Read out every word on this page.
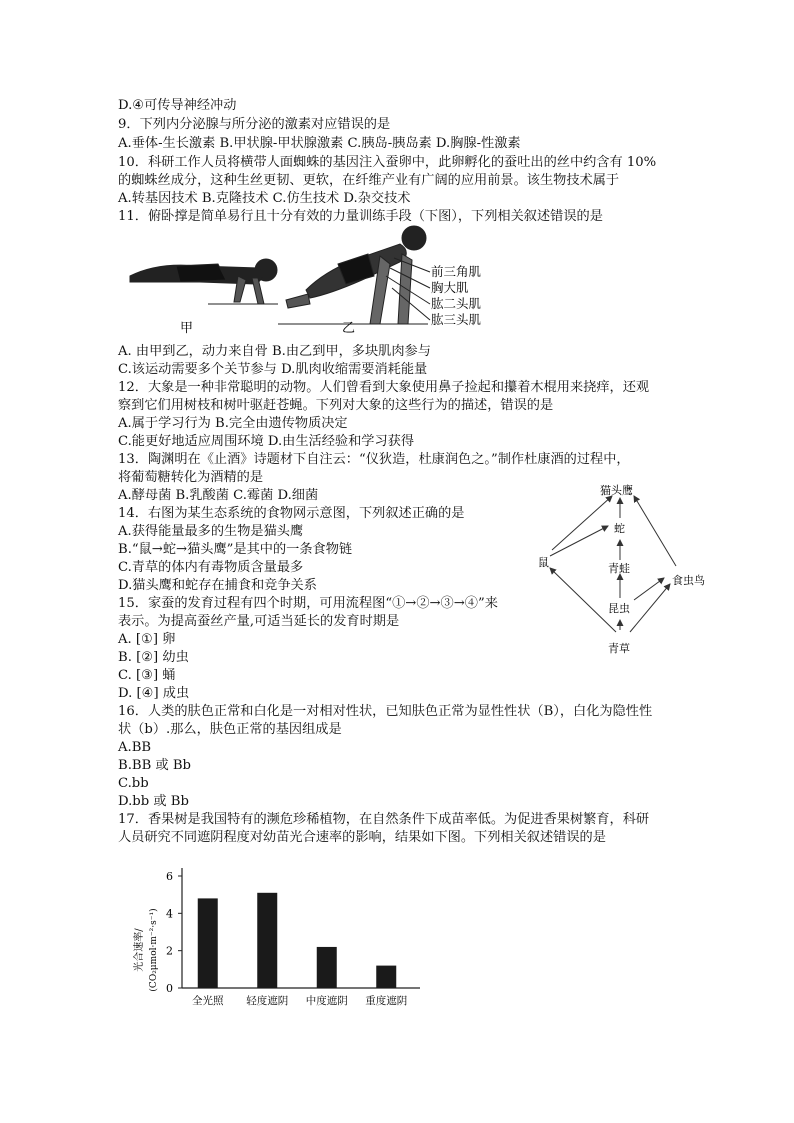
D.④可传导神经冲动
9．下列内分泌腺与所分泌的激素对应错误的是
A.垂体-生长激素 B.甲状腺-甲状腺激素 C.胰岛-胰岛素 D.胸腺-性激素
10．科研工作人员将横带人面蜘蛛的基因注入蚕卵中，此卵孵化的蚕吐出的丝中约含有 10%
的蜘蛛丝成分，这种生丝更韧、更软，在纤维产业有广阔的应用前景。该生物技术属于
A.转基因技术 B.克隆技术 C.仿生技术 D.杂交技术
11．俯卧撑是简单易行且十分有效的力量训练手段（下图），下列相关叙述错误的是
甲	乙
前三角肌
胸大肌
肱二头肌
肱三头肌
A. 由甲到乙，动力来自骨 B.由乙到甲，多块肌肉参与
C.该运动需要多个关节参与 D.肌肉收缩需要消耗能量
12．大象是一种非常聪明的动物。人们曾看到大象使用鼻子捡起和攥着木棍用来挠痒，还观
察到它们用树枝和树叶驱赶苍蝇。下列对大象的这些行为的描述，错误的是
A.属于学习行为 B.完全由遗传物质决定
C.能更好地适应周围环境 D.由生活经验和学习获得
13．陶渊明在《止酒》诗题材下自注云：“仪狄造，杜康润色之。”制作杜康酒的过程中，
将葡萄糖转化为酒精的是
A.酵母菌 B.乳酸菌 C.霉菌 D.细菌
14．右图为某生态系统的食物网示意图，下列叙述正确的是
A.获得能量最多的生物是猫头鹰
B.“鼠→蛇→猫头鹰”是其中的一条食物链
C.青草的体内有毒物质含量最多
D.猫头鹰和蛇存在捕食和竞争关系
15．家蚕的发育过程有四个时期，可用流程图“①→②→③→④”来
表示。为提高蚕丝产量,可适当延长的发育时期是
A. [①] 卵
B. [②] 幼虫
C. [③] 蛹
D. [④] 成虫
猫头鹰
蛇
鼠	青蛙
食虫鸟
昆虫
青草
16．人类的肤色正常和白化是一对相对性状，已知肤色正常为显性性状（B），白化为隐性性
状（b）.那么，肤色正常的基因组成是
A.BB
B.BB 或 Bb
C.bb
D.bb 或 Bb
17．香果树是我国特有的濒危珍稀植物，在自然条件下成苗率低。为促进香果树繁育，科研
人员研究不同遮阴程度对幼苗光合速率的影响，结果如下图。下列相关叙述错误的是
0
2
4
6
全光照 轻度遮阴 中度遮阴 重度遮阴
光合速率/ (CO₂μmol·m⁻²·s⁻¹)
